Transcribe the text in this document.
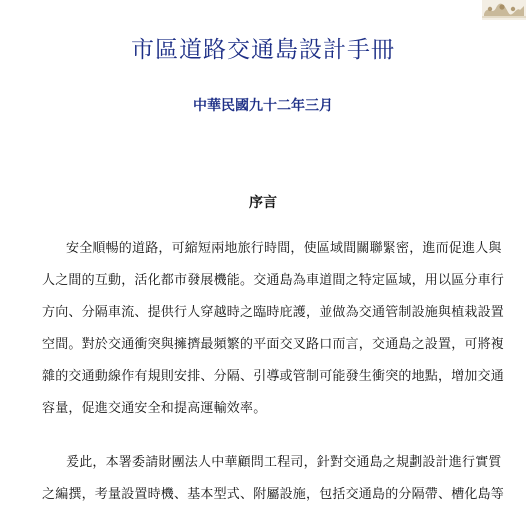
市區道路交通島設計手冊
中華民國九十二年三月
序言
安全順暢的道路，可縮短兩地旅行時間，使區域間關聯緊密，進而促進人與
人之間的互動，活化都市發展機能。交通島為車道間之特定區域，用以區分車行
方向、分隔車流、提供行人穿越時之臨時庇護，並做為交通管制設施與植栽設置
空間。對於交通衝突與擁擠最頻繁的平面交叉路口而言，交通島之設置，可將複
雜的交通動線作有規則安排、分隔、引導或管制可能發生衝突的地點，增加交通
容量，促進交通安全和提高運輸效率。
爰此，本署委請財團法人中華顧問工程司，針對交通島之規劃設計進行實質
之編撰，考量設置時機、基本型式、附屬設施，包括交通島的分隔帶、槽化島等
